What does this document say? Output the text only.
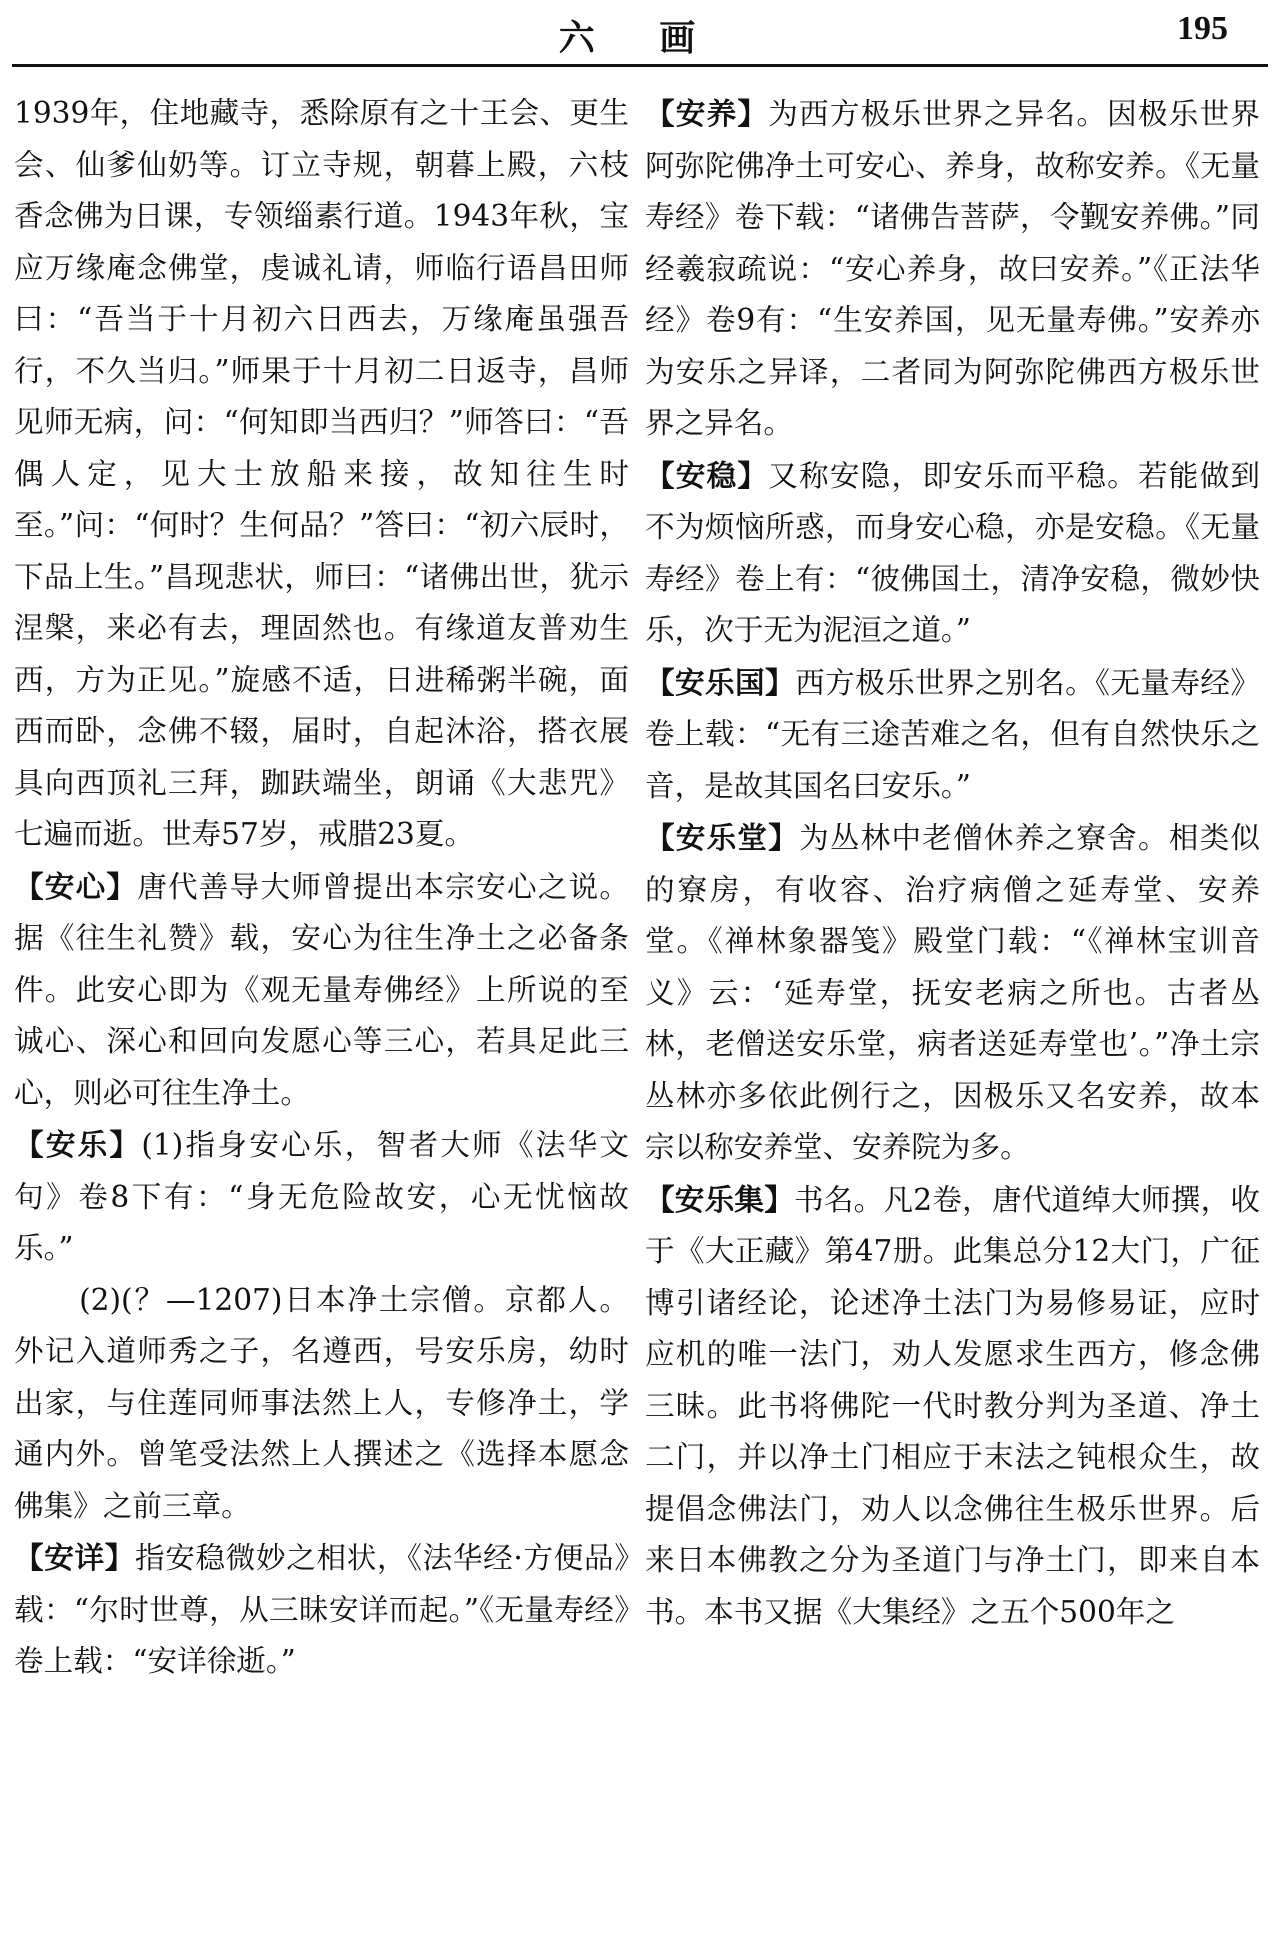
六 画	195

1939年，住地藏寺，悉除原有之十王会、更生会、仙爹仙奶等。订立寺规，朝暮上殿，六枝香念佛为日课，专领缁素行道。1943年秋，宝应万缘庵念佛堂，虔诚礼请，师临行语昌田师曰：“吾当于十月初六日西去，万缘庵虽强吾行，不久当归。”师果于十月初二日返寺，昌师见师无病，问：“何知即当西归？”师答曰：“吾偶人定，见大士放船来接，故知往生时至。”问：“何时？生何品？”答曰：“初六辰时，下品上生。”昌现悲状，师曰：“诸佛出世，犹示涅槃，来必有去，理固然也。有缘道友普劝生西，方为正见。”旋感不适，日进稀粥半碗，面西而卧，念佛不辍，届时，自起沐浴，搭衣展具向西顶礼三拜，跏趺端坐，朗诵《大悲咒》七遍而逝。世寿57岁，戒腊23夏。

【安心】唐代善导大师曾提出本宗安心之说。据《往生礼赞》载，安心为往生净土之必备条件。此安心即为《观无量寿佛经》上所说的至诚心、深心和回向发愿心等三心，若具足此三心，则必可往生净土。

【安乐】(1)指身安心乐，智者大师《法华文句》卷8下有：“身无危险故安，心无忧恼故乐。”

(2)(？—1207)日本净土宗僧。京都人。外记入道师秀之子，名遵西，号安乐房，幼时出家，与住莲同师事法然上人，专修净土，学通内外。曾笔受法然上人撰述之《选择本愿念佛集》之前三章。

【安详】指安稳微妙之相状，《法华经·方便品》载：“尔时世尊，从三昧安详而起。”《无量寿经》卷上载：“安详徐逝。”

【安养】为西方极乐世界之异名。因极乐世界阿弥陀佛净土可安心、养身，故称安养。《无量寿经》卷下载：“诸佛告菩萨，令觐安养佛。”同经羲寂疏说：“安心养身，故曰安养。”《正法华经》卷9有：“生安养国，见无量寿佛。”安养亦为安乐之异译，二者同为阿弥陀佛西方极乐世界之异名。

【安稳】又称安隐，即安乐而平稳。若能做到不为烦恼所惑，而身安心稳，亦是安稳。《无量寿经》卷上有：“彼佛国土，清净安稳，微妙快乐，次于无为泥洹之道。”

【安乐国】西方极乐世界之别名。《无量寿经》卷上载：“无有三途苦难之名，但有自然快乐之音，是故其国名曰安乐。”

【安乐堂】为丛林中老僧休养之寮舍。相类似的寮房，有收容、治疗病僧之延寿堂、安养堂。《禅林象器笺》殿堂门载：“《禅林宝训音义》云：‘延寿堂，抚安老病之所也。古者丛林，老僧送安乐堂，病者送延寿堂也’。”净土宗丛林亦多依此例行之，因极乐又名安养，故本宗以称安养堂、安养院为多。

【安乐集】书名。凡2卷，唐代道绰大师撰，收于《大正藏》第47册。此集总分12大门，广征博引诸经论，论述净土法门为易修易证，应时应机的唯一法门，劝人发愿求生西方，修念佛三昧。此书将佛陀一代时教分判为圣道、净土二门，并以净土门相应于末法之钝根众生，故提倡念佛法门，劝人以念佛往生极乐世界。后来日本佛教之分为圣道门与净土门，即来自本书。本书又据《大集经》之五个500年之
